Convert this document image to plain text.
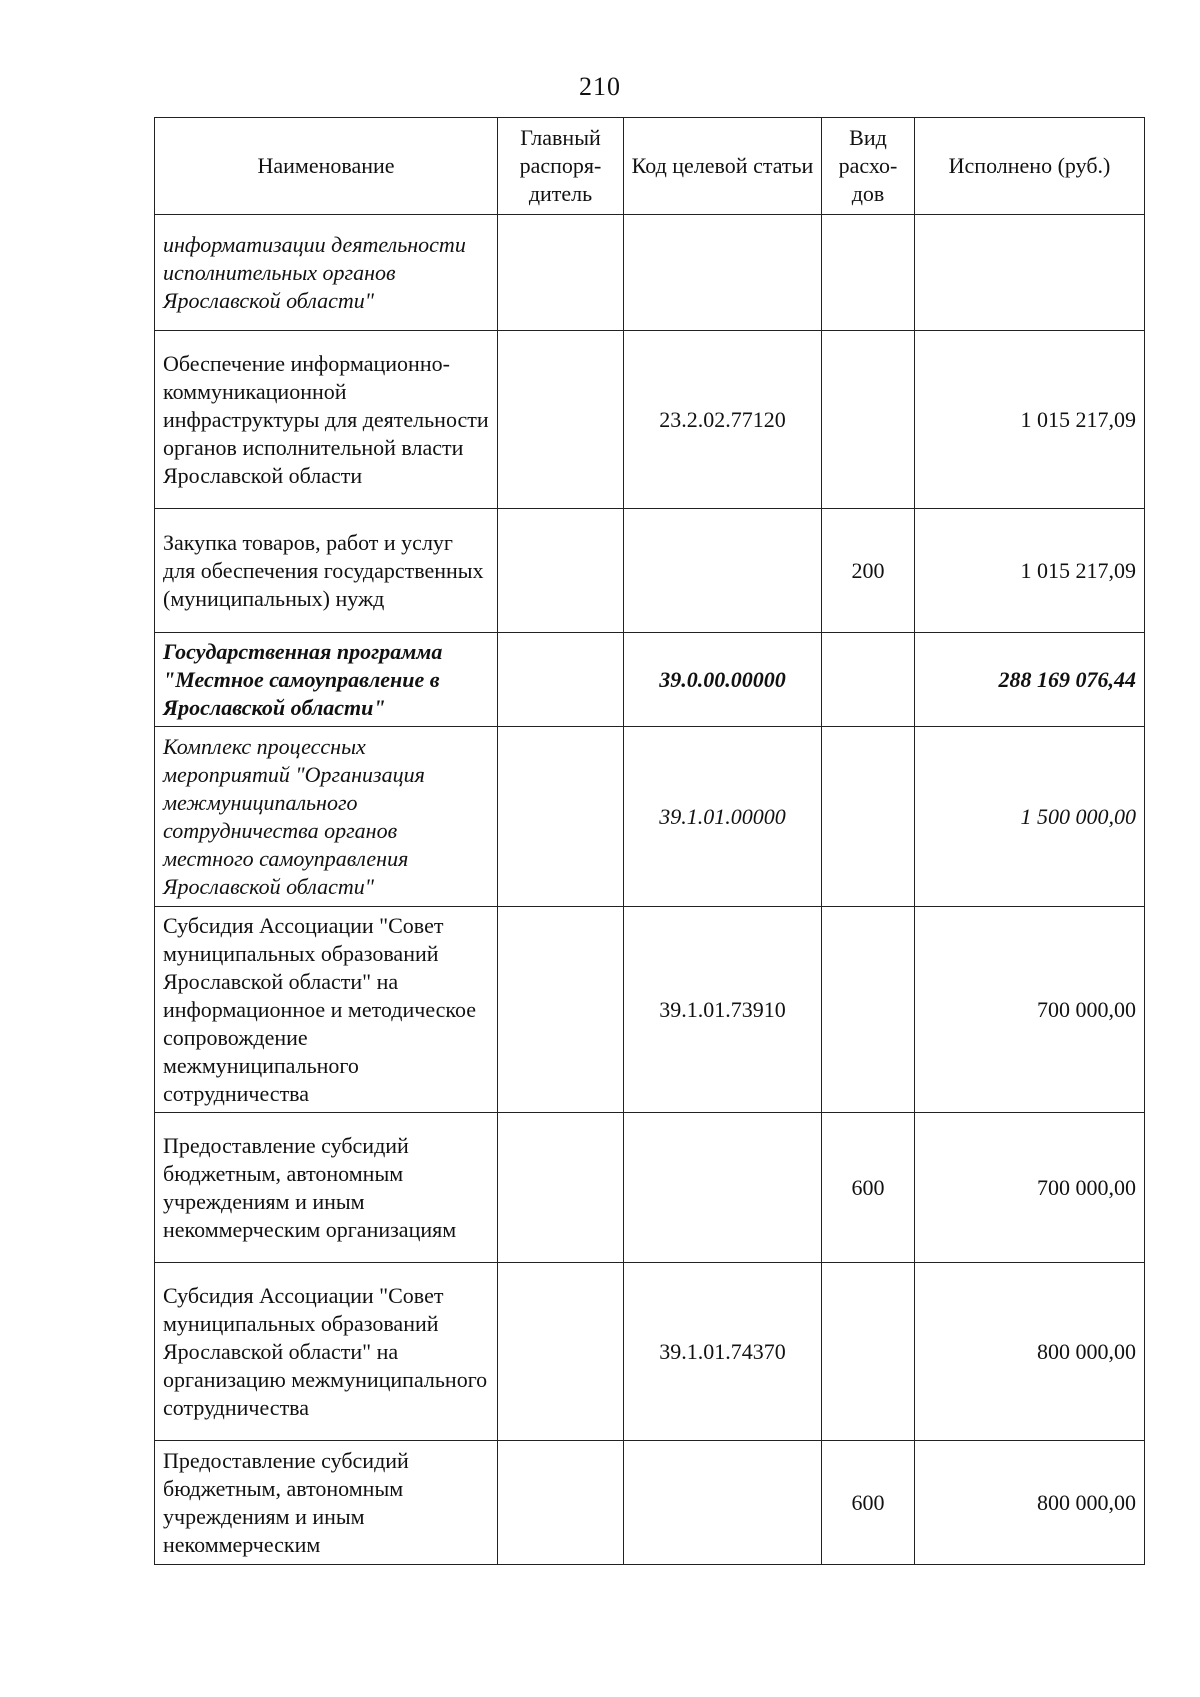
210
Наименование	Главный распоря-дитель	Код целевой статьи	Вид расхо-дов	Исполнено (руб.)
информатизации деятельности исполнительных органов Ярославской области"				
Обеспечение информационно-коммуникационной инфраструктуры для деятельности органов исполнительной власти Ярославской области		23.2.02.77120		1 015 217,09
Закупка товаров, работ и услуг для обеспечения государственных (муниципальных) нужд			200	1 015 217,09
Государственная программа "Местное самоуправление в Ярославской области"		39.0.00.00000		288 169 076,44
Комплекс процессных мероприятий "Организация межмуниципального сотрудничества органов местного самоуправления Ярославской области"		39.1.01.00000		1 500 000,00
Субсидия Ассоциации "Совет муниципальных образований Ярославской области" на информационное и методическое сопровождение межмуниципального сотрудничества		39.1.01.73910		700 000,00
Предоставление субсидий бюджетным, автономным учреждениям и иным некоммерческим организациям			600	700 000,00
Субсидия Ассоциации "Совет муниципальных образований Ярославской области" на организацию межмуниципального сотрудничества		39.1.01.74370		800 000,00
Предоставление субсидий бюджетным, автономным учреждениям и иным некоммерческим			600	800 000,00
